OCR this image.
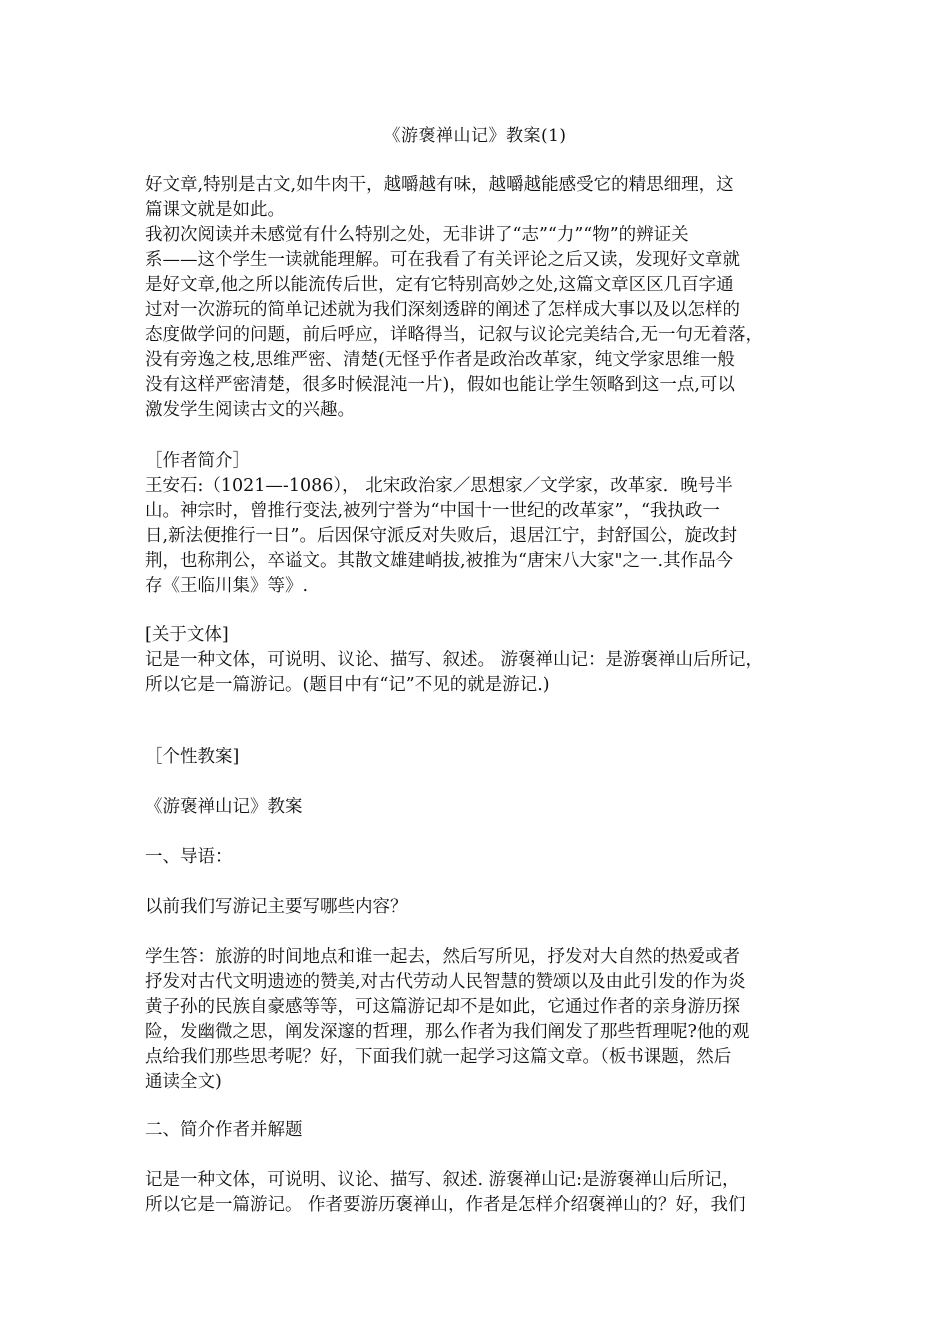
《游褒禅山记》教案(1)
好文章,特别是古文,如牛肉干，越嚼越有味，越嚼越能感受它的精思细理，这
篇课文就是如此。
我初次阅读并未感觉有什么特别之处，无非讲了“志”“力”“物”的辨证关
系——这个学生一读就能理解。可在我看了有关评论之后又读，发现好文章就
是好文章,他之所以能流传后世，定有它特别高妙之处,这篇文章区区几百字通
过对一次游玩的简单记述就为我们深刻透辟的阐述了怎样成大事以及以怎样的
态度做学问的问题，前后呼应，详略得当，记叙与议论完美结合,无一句无着落，
没有旁逸之枝,思维严密、清楚(无怪乎作者是政治改革家，纯文学家思维一般
没有这样严密清楚，很多时候混沌一片)，假如也能让学生领略到这一点,可以
激发学生阅读古文的兴趣。
［作者简介］
王安石:（1021—-1086）， 北宋政治家／思想家／文学家，改革家．晚号半
山。神宗时，曾推行变法,被列宁誉为“中国十一世纪的改革家”，“我执政一
日,新法便推行一日”。后因保守派反对失败后，退居江宁，封舒国公，旋改封
荆，也称荆公，卒谥文。其散文雄建峭拔,被推为“唐宋八大家"之一.其作品今
存《王临川集》等》.
[关于文体]
记是一种文体，可说明、议论、描写、叙述。 游褒禅山记：是游褒禅山后所记，
所以它是一篇游记。(题目中有“记”不见的就是游记.)
［个性教案]
《游褒禅山记》教案
一、导语：
以前我们写游记主要写哪些内容？
学生答：旅游的时间地点和谁一起去，然后写所见，抒发对大自然的热爱或者
抒发对古代文明遗迹的赞美,对古代劳动人民智慧的赞颂以及由此引发的作为炎
黄子孙的民族自豪感等等，可这篇游记却不是如此，它通过作者的亲身游历探
险，发幽微之思，阐发深邃的哲理，那么作者为我们阐发了那些哲理呢?他的观
点给我们那些思考呢？好，下面我们就一起学习这篇文章。（板书课题，然后
通读全文)
二、简介作者并解题
记是一种文体，可说明、议论、描写、叙述. 游褒禅山记:是游褒禅山后所记，
所以它是一篇游记。 作者要游历褒禅山，作者是怎样介绍褒禅山的？好，我们
